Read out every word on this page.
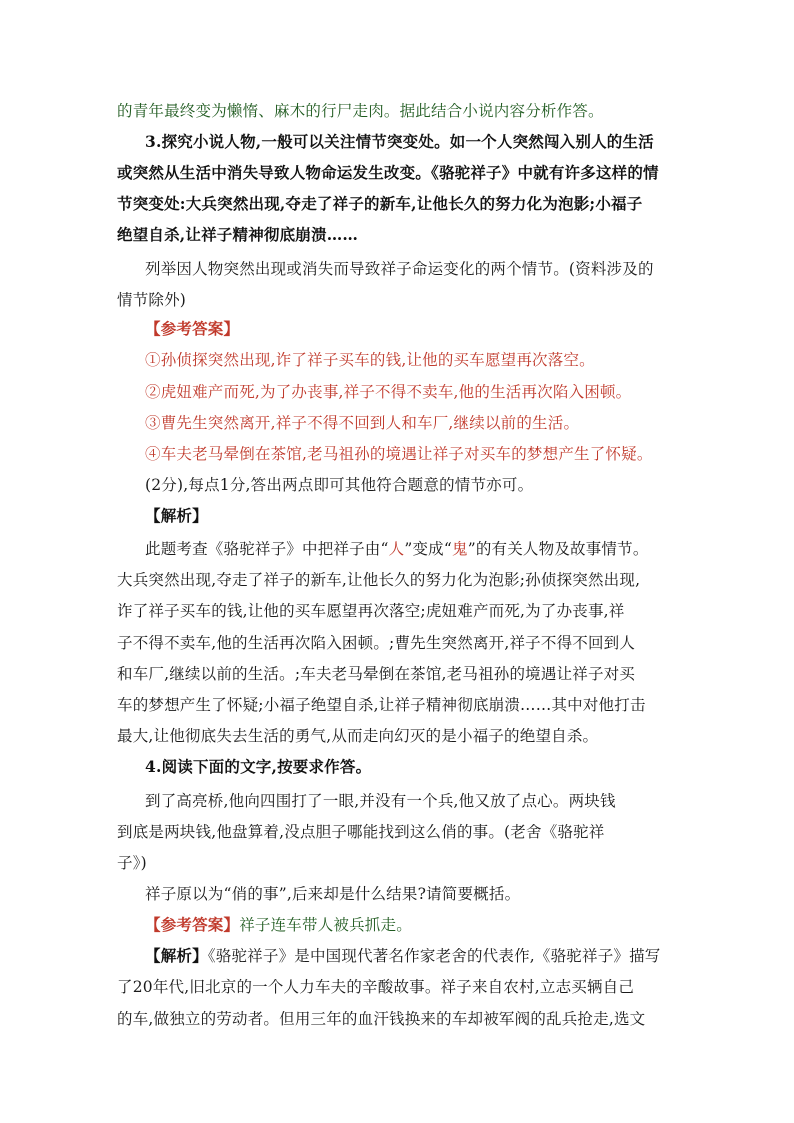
的青年最终变为懒惰、麻木的行尸走肉。据此结合小说内容分析作答。
3.探究小说人物,一般可以关注情节突变处。如一个人突然闯入别人的生活
或突然从生活中消失导致人物命运发生改变。《骆驼祥子》中就有许多这样的情
节突变处:大兵突然出现,夺走了祥子的新车,让他长久的努力化为泡影;小福子
绝望自杀,让祥子精神彻底崩溃……
列举因人物突然出现或消失而导致祥子命运变化的两个情节。(资料涉及的
情节除外)
【参考答案】
①孙侦探突然出现,诈了祥子买车的钱,让他的买车愿望再次落空。
②虎妞难产而死,为了办丧事,祥子不得不卖车,他的生活再次陷入困顿。
③曹先生突然离开,祥子不得不回到人和车厂,继续以前的生活。
④车夫老马晕倒在茶馆,老马祖孙的境遇让祥子对买车的梦想产生了怀疑。
(2分),每点1分,答出两点即可其他符合题意的情节亦可。
【解析】
此题考查《骆驼祥子》中把祥子由“人”变成“鬼”的有关人物及故事情节。
大兵突然出现,夺走了祥子的新车,让他长久的努力化为泡影;孙侦探突然出现,
诈了祥子买车的钱,让他的买车愿望再次落空;虎妞难产而死,为了办丧事,祥
子不得不卖车,他的生活再次陷入困顿。;曹先生突然离开,祥子不得不回到人
和车厂,继续以前的生活。;车夫老马晕倒在茶馆,老马祖孙的境遇让祥子对买
车的梦想产生了怀疑;小福子绝望自杀,让祥子精神彻底崩溃……其中对他打击
最大,让他彻底失去生活的勇气,从而走向幻灭的是小福子的绝望自杀。
4.阅读下面的文字,按要求作答。
到了高亮桥,他向四围打了一眼,并没有一个兵,他又放了点心。两块钱
到底是两块钱,他盘算着,没点胆子哪能找到这么俏的事。(老舍《骆驼祥
子》)
祥子原以为“俏的事”,后来却是什么结果?请简要概括。
【参考答案】祥子连车带人被兵抓走。
【解析】《骆驼祥子》是中国现代著名作家老舍的代表作,《骆驼祥子》描写
了20年代,旧北京的一个人力车夫的辛酸故事。祥子来自农村,立志买辆自己
的车,做独立的劳动者。但用三年的血汗钱换来的车却被军阀的乱兵抢走,选文
